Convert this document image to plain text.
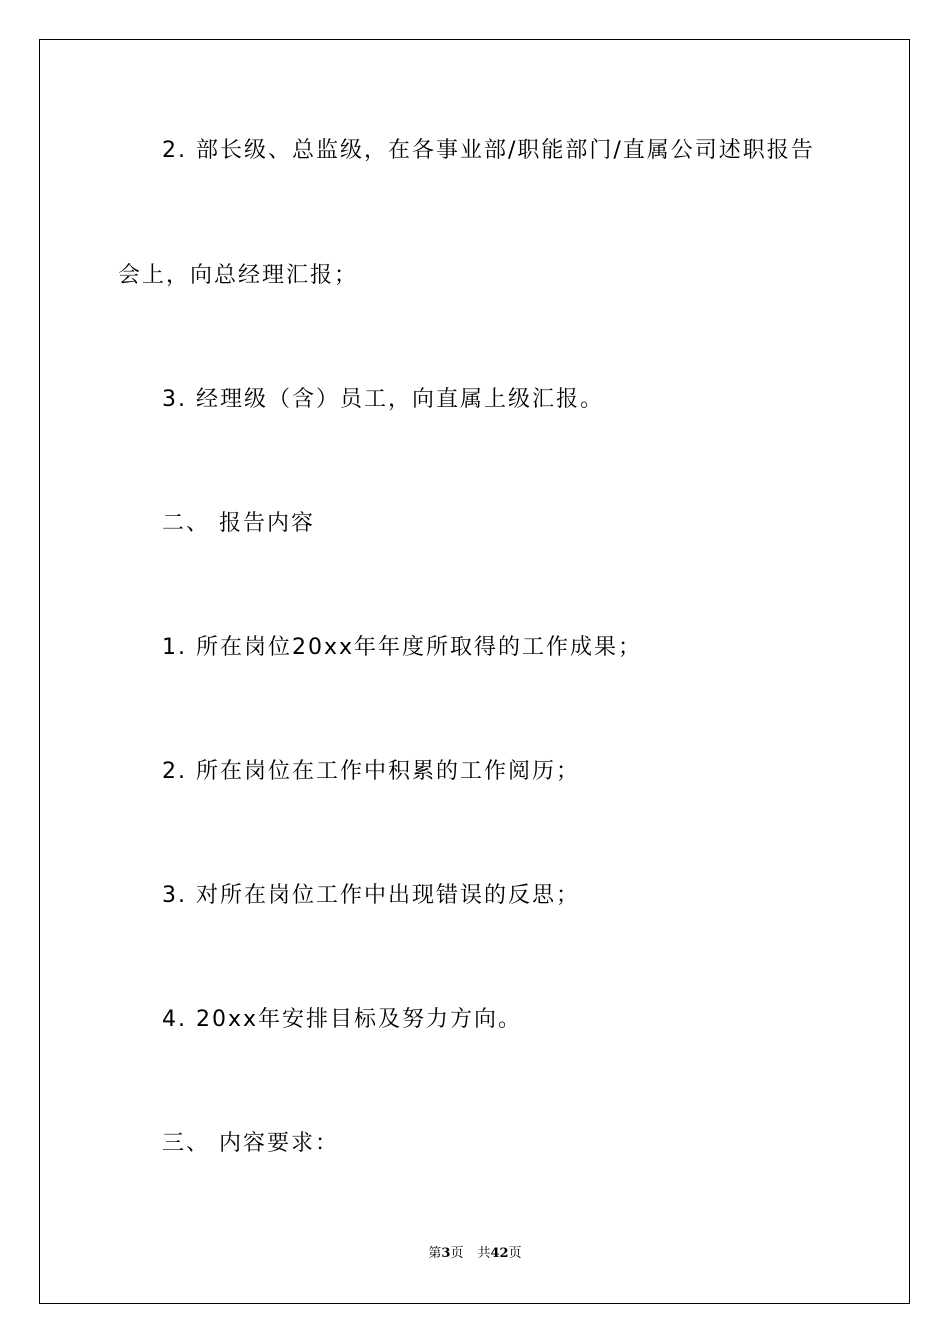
2. 部长级、总监级，在各事业部/职能部门/直属公司述职报告
会上，向总经理汇报；
3. 经理级（含）员工，向直属上级汇报。
二、 报告内容
1. 所在岗位20xx年年度所取得的工作成果；
2. 所在岗位在工作中积累的工作阅历；
3. 对所在岗位工作中出现错误的反思；
4. 20xx年安排目标及努力方向。
三、 内容要求：
第3页 共42页
